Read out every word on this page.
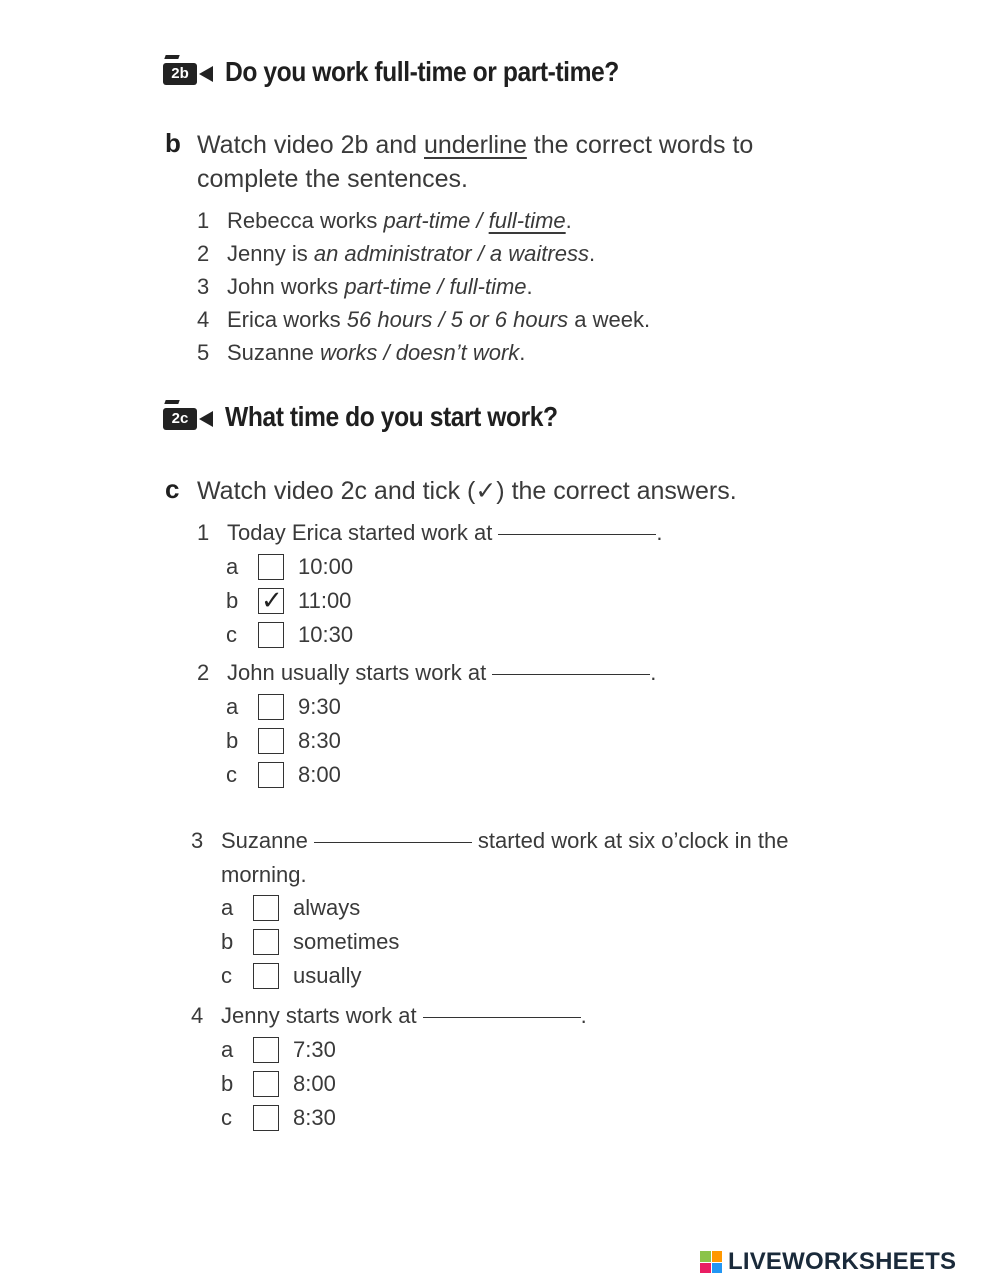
2b Do you work full-time or part-time?
b Watch video 2b and underline the correct words to
complete the sentences.
1 Rebecca works part-time / full-time.
2 Jenny is an administrator / a waitress.
3 John works part-time / full-time.
4 Erica works 56 hours / 5 or 6 hours a week.
5 Suzanne works / doesn’t work.
2c	What time do you start work?
c Watch video 2c and tick (✓) the correct answers.
1 Today Erica started work at	.
a	10:00
b ✓ 11:00
c	10:30
2 John usually starts work at	.
a	9:30
b	8:30
c	8:00
3 Suzanne	started work at six o’clock in the
morning.
a	always
b	sometimes
c	usually
4 Jenny starts work at	.
a	7:30
b	8:00
c	8:30
LIVEWORKSHEETS
